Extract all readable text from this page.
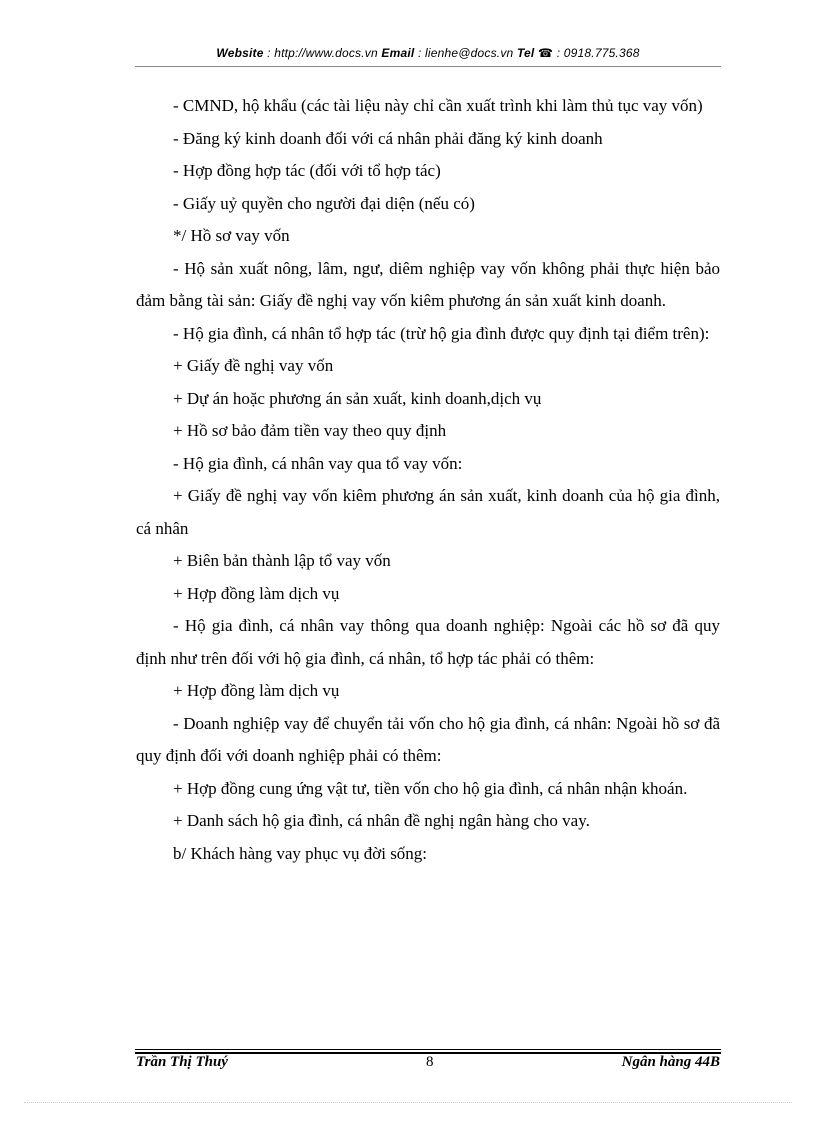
Website : http://www.docs.vn Email : lienhe@docs.vn Tel ☎ : 0918.775.368

- CMND, hộ khẩu (các tài liệu này chỉ cần xuất trình khi làm thủ tục vay vốn)

- Đăng ký kinh doanh đối với cá nhân phải đăng ký kinh doanh

- Hợp đồng hợp tác (đối với tổ hợp tác)

- Giấy uỷ quyền cho người đại diện (nếu có)

*/ Hồ sơ vay vốn

- Hộ sản xuất nông, lâm, ngư, diêm nghiệp vay vốn không phải thực hiện bảo đảm bằng tài sản: Giấy đề nghị vay vốn kiêm phương án sản xuất kinh doanh.

- Hộ gia đình, cá nhân tổ hợp tác (trừ hộ gia đình được quy định tại điểm trên):

+ Giấy đề nghị vay vốn

+ Dự án hoặc phương án sản xuất, kinh doanh,dịch vụ

+ Hồ sơ bảo đảm tiền vay theo quy định

- Hộ gia đình, cá nhân vay qua tổ vay vốn:

+ Giấy đề nghị vay vốn kiêm phương án sản xuất, kinh doanh của hộ gia đình, cá nhân

+ Biên bản thành lập tổ vay vốn

+ Hợp đồng làm dịch vụ

- Hộ gia đình, cá nhân vay thông qua doanh nghiệp: Ngoài các hồ sơ đã quy định như trên đối với hộ gia đình, cá nhân, tổ hợp tác phải có thêm:

+ Hợp đồng làm dịch vụ

- Doanh nghiệp vay để chuyển tải vốn cho hộ gia đình, cá nhân: Ngoài hồ sơ đã quy định đối với doanh nghiệp phải có thêm:

+ Hợp đồng cung ứng vật tư, tiền vốn cho hộ gia đình, cá nhân nhận khoán.

+ Danh sách hộ gia đình, cá nhân đề nghị ngân hàng cho vay.

b/ Khách hàng vay phục vụ đời sống:

Trần Thị Thuý	8	Ngân hàng 44B
